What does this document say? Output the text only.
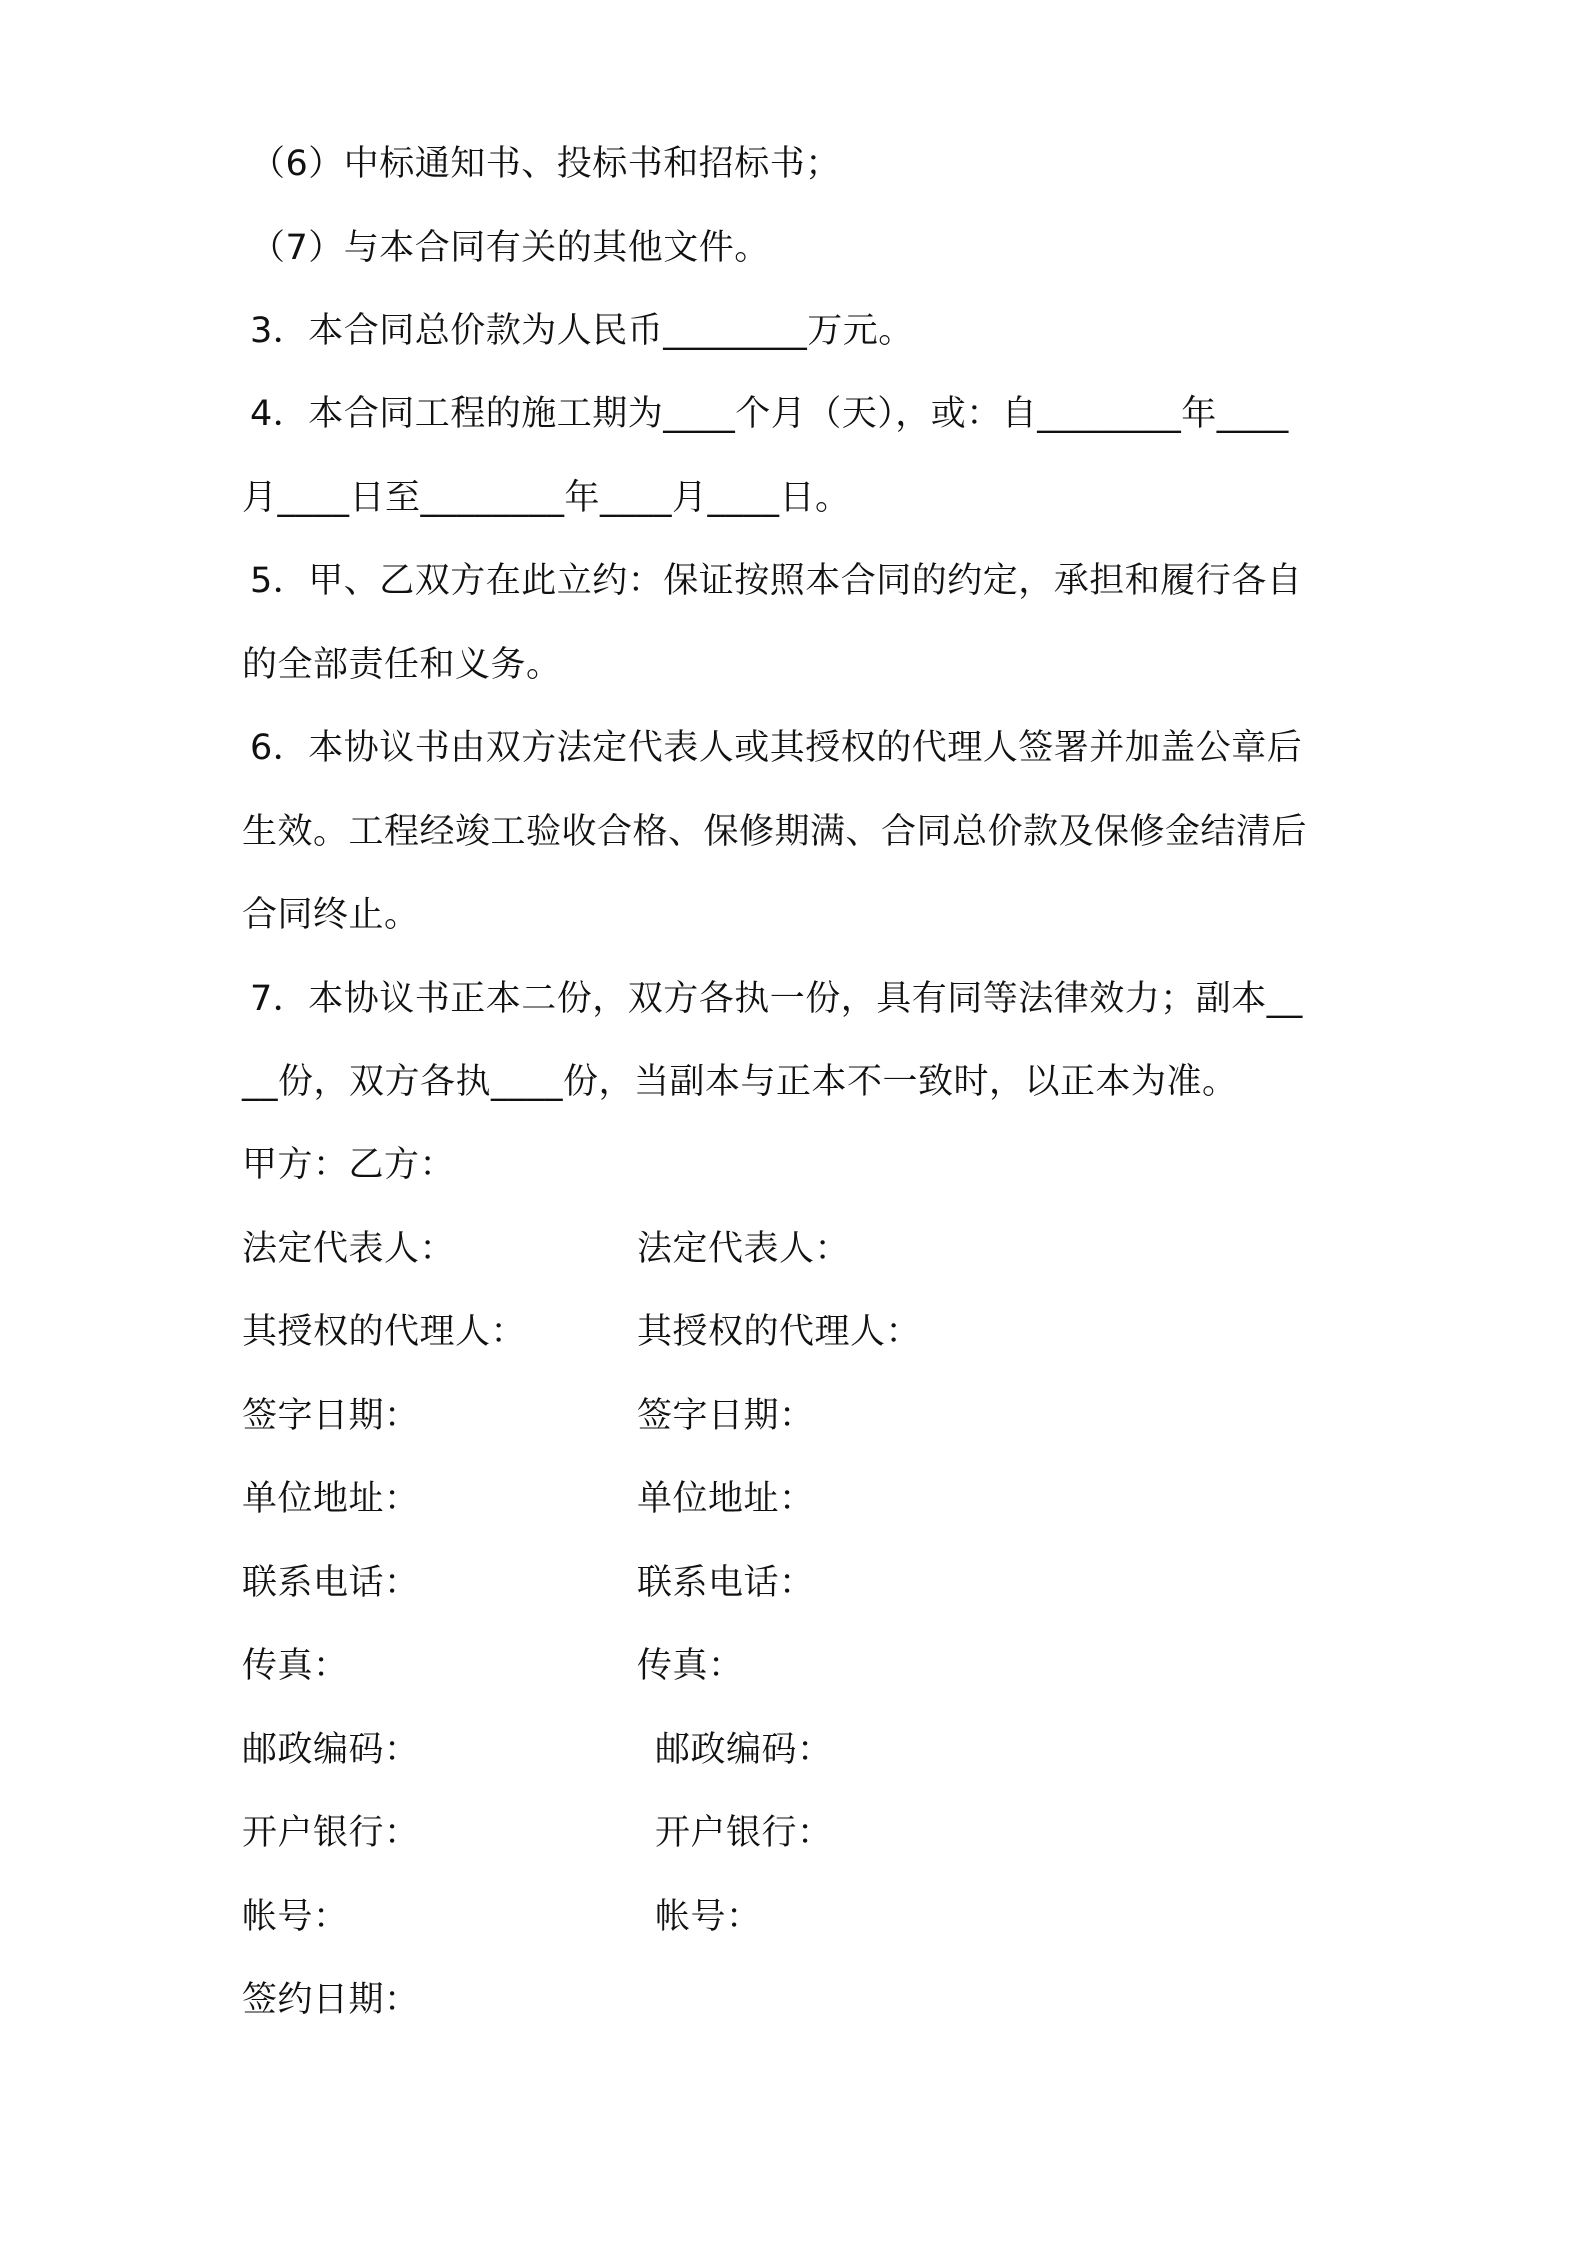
（6）中标通知书、投标书和招标书；
（7）与本合同有关的其他文件。
3．本合同总价款为人民币________万元。
4．本合同工程的施工期为____个月（天），或：自________年____
月____日至________年____月____日。
5．甲、乙双方在此立约：保证按照本合同的约定，承担和履行各自
的全部责任和义务。
6．本协议书由双方法定代表人或其授权的代理人签署并加盖公章后
生效。工程经竣工验收合格、保修期满、合同总价款及保修金结清后
合同终止。
7．本协议书正本二份，双方各执一份，具有同等法律效力；副本__
__份，双方各执____份，当副本与正本不一致时，以正本为准。
甲方：乙方：
法定代表人：	法定代表人：
其授权的代理人：	其授权的代理人：
签字日期：	签字日期：
单位地址：	单位地址：
联系电话：	联系电话：
传真：	传真：
邮政编码：	邮政编码：
开户银行：	开户银行：
帐号：	帐号：
签约日期：
